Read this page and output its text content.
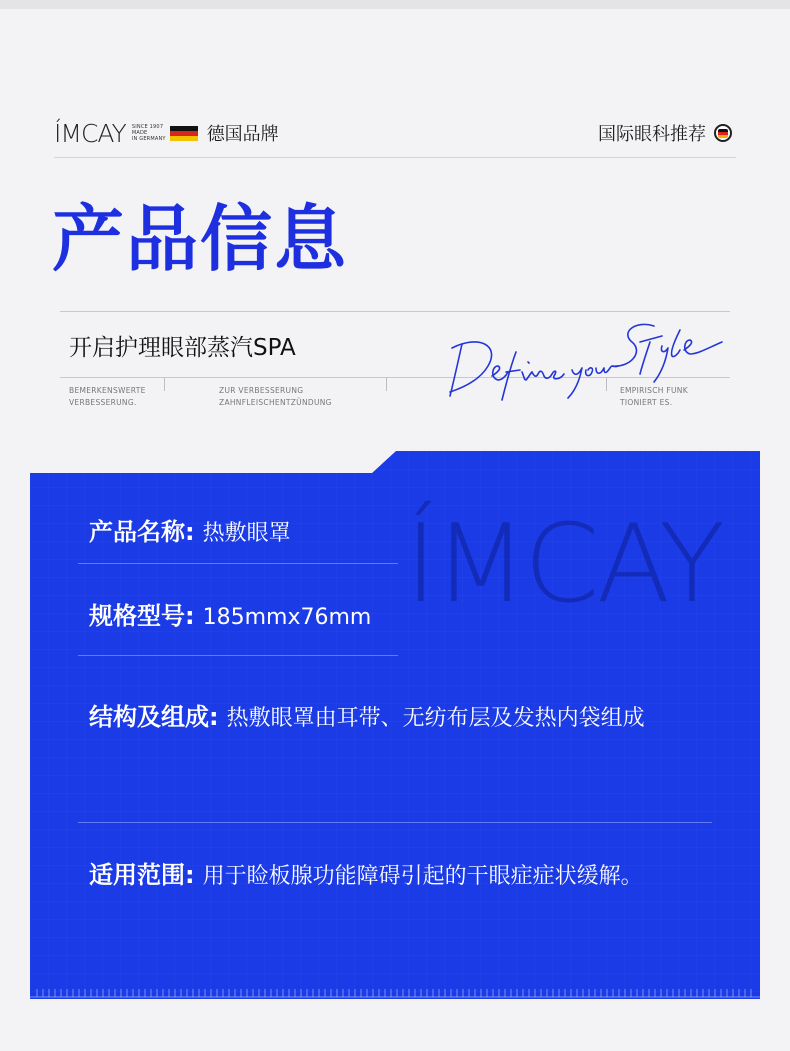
ÍMCAY SINCE 1907
MADE
IN GERMANY 德国品牌	国际眼科推荐
产品信息
开启护理眼部蒸汽SPA
BEMERKENSWERTE
VERBESSERUNG.
ZUR VERBESSERUNG
ZAHNFLEISCHENTZÜNDUNG
EMPIRISCH FUNK
TIONIERT ES.
ÍMCAY
产品名称: 热敷眼罩
规格型号: 185mmx76mm
结构及组成: 热敷眼罩由耳带、无纺布层及发热内袋组成
适用范围: 用于睑板腺功能障碍引起的干眼症症状缓解。
